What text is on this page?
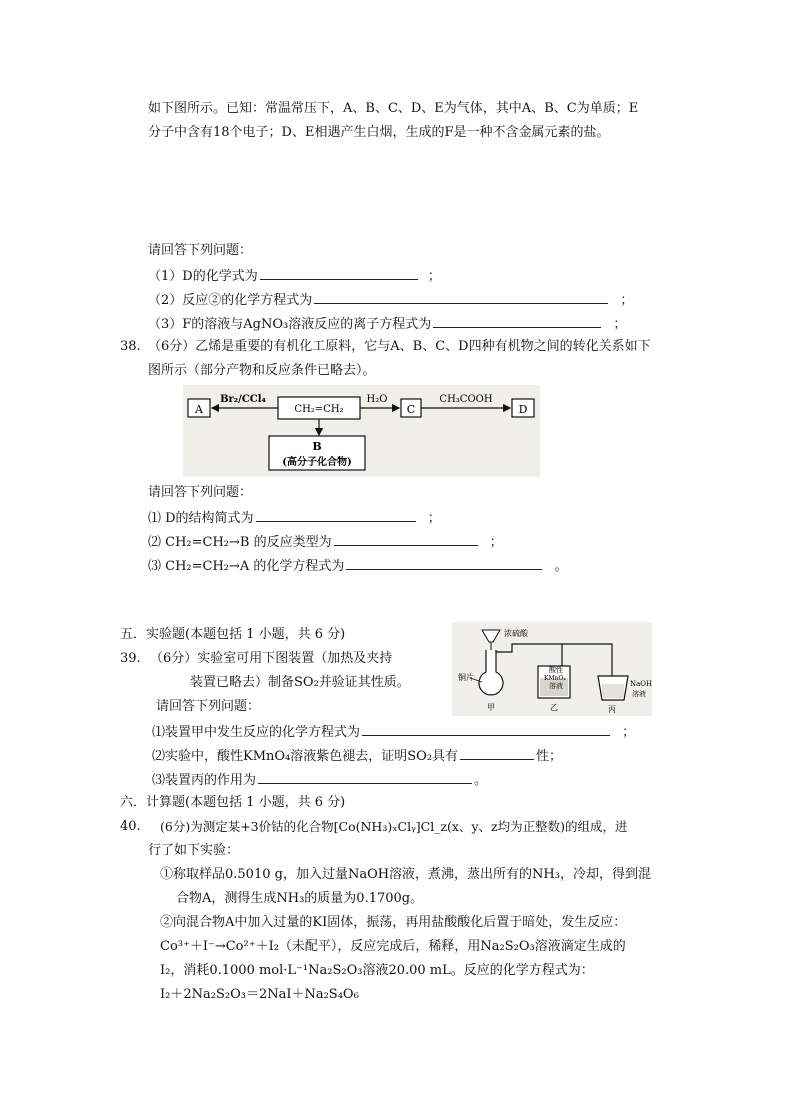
如下图所示。已知：常温常压下，A、B、C、D、E为气体，其中A、B、C为单质；E
分子中含有18个电子；D、E相遇产生白烟，生成的F是一种不含金属元素的盐。
请回答下列问题：
（1）D的化学式为	；
（2）反应②的化学方程式为	；
（3）F的溶液与AgNO₃溶液反应的离子方程式为	；
38. （6分）乙烯是重要的有机化工原料，它与A、B、C、D四种有机物之间的转化关系如下
图所示（部分产物和反应条件已略去）。
A
Br₂/CCl₄
CH₂=CH₂
H₂O
C
CH₃COOH
D
B
(高分子化合物)
请回答下列问题：
⑴ D的结构简式为	；
⑵ CH₂=CH₂→B 的反应类型为	；
⑶ CH₂=CH₂→A 的化学方程式为	。
五．实验题(本题包括 1 小题，共 6 分)
39. （6分）实验室可用下图装置（加热及夹持
装置已略去）制备SO₂并验证其性质。
请回答下列问题：
浓硫酸
铜片
甲
酸性
KMnO₄
溶液
乙
NaOH
溶液
丙
⑴装置甲中发生反应的化学方程式为	；
⑵实验中，酸性KMnO₄溶液紫色褪去，证明SO₂具有	性；
⑶装置丙的作用为	。
六．计算题(本题包括 1 小题，共 6 分)
40. (6分)为测定某+3价钴的化合物[Co(NH₃)ₓClᵧ]Cl_z(x、y、z均为正整数)的组成，进
行了如下实验：
①称取样品0.5010 g，加入过量NaOH溶液，煮沸，蒸出所有的NH₃，冷却，得到混
合物A，测得生成NH₃的质量为0.1700g。
②向混合物A中加入过量的KI固体，振荡，再用盐酸酸化后置于暗处，发生反应：
Co³⁺＋I⁻→Co²⁺＋I₂（未配平），反应完成后，稀释，用Na₂S₂O₃溶液滴定生成的
I₂，消耗0.1000 mol·L⁻¹Na₂S₂O₃溶液20.00 mL。反应的化学方程式为：
I₂＋2Na₂S₂O₃＝2NaI＋Na₂S₄O₆
